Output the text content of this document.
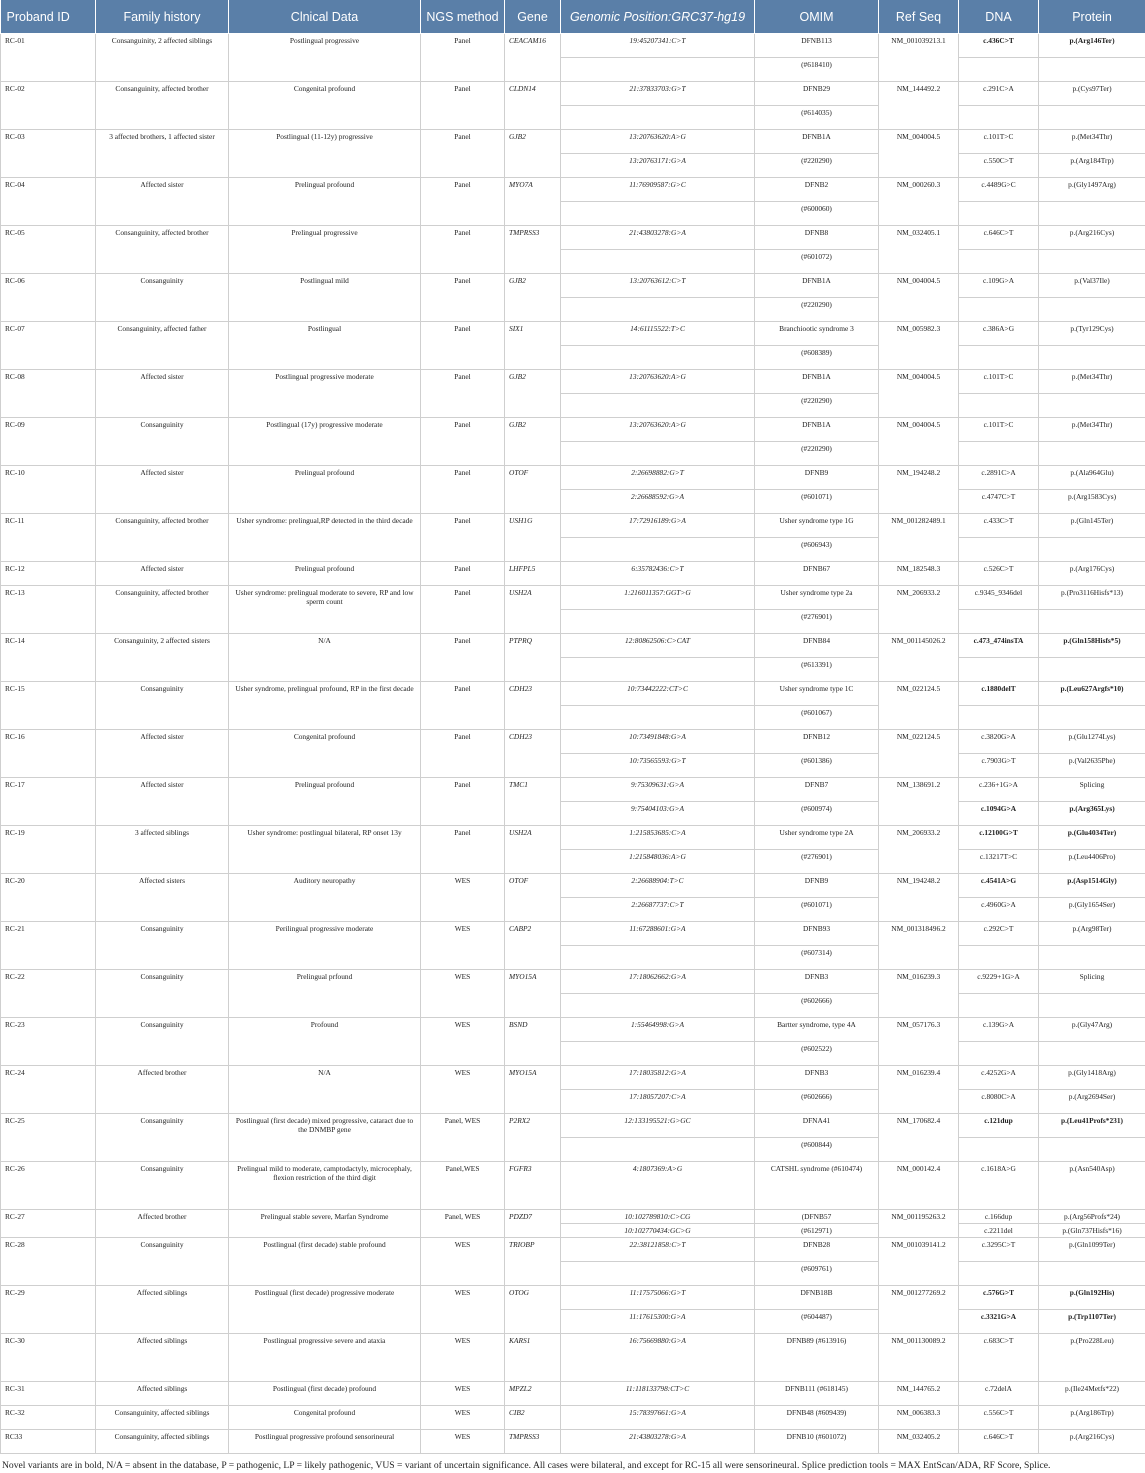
Proband ID	Family history	Clnical Data	NGS method	Gene	Genomic Position:GRC37-hg19	OMIM	Ref Seq	DNA	Protein
RC-01	Consanguinity, 2 affected siblings	Postlingual progressive	Panel	CEACAM16	19:45207341:C>T	DFNB113	NM_001039213.1	c.436C>T	p.(Arg146Ter)
						(#618410)			
RC-02	Consanguinity, affected brother	Congenital profound	Panel	CLDN14	21:37833703:G>T	DFNB29	NM_144492.2	c.291C>A	p.(Cys97Ter)
						(#614035)			
RC-03	3 affected brothers, 1 affected sister	Postlingual (11-12y) progressive	Panel	GJB2	13:20763620:A>G	DFNB1A	NM_004004.5	c.101T>C	p.(Met34Thr)
					13:20763171:G>A	(#220290)		c.550C>T	p.(Arg184Trp)
RC-04	Affected sister	Prelingual profound	Panel	MYO7A	11:76909587:G>C	DFNB2	NM_000260.3	c.4489G>C	p.(Gly1497Arg)
						(#600060)			
RC-05	Consanguinity, affected brother	Prelingual progressive	Panel	TMPRSS3	21:43803278:G>A	DFNB8	NM_032405.1	c.646C>T	p.(Arg216Cys)
						(#601072)			
RC-06	Consanguinity	Postlingual mild	Panel	GJB2	13:20763612:C>T	DFNB1A	NM_004004.5	c.109G>A	p.(Val37Ile)
						(#220290)			
RC-07	Consanguinity, affected father	Postlingual	Panel	SIX1	14:61115522:T>C	Branchiootic syndrome 3	NM_005982.3	c.386A>G	p.(Tyr129Cys)
						(#608389)			
RC-08	Affected sister	Postlingual progressive moderate	Panel	GJB2	13:20763620:A>G	DFNB1A	NM_004004.5	c.101T>C	p.(Met34Thr)
						(#220290)			
RC-09	Consanguinity	Postlingual (17y) progressive moderate	Panel	GJB2	13:20763620:A>G	DFNB1A	NM_004004.5	c.101T>C	p.(Met34Thr)
						(#220290)			
RC-10	Affected sister	Prelingual profound	Panel	OTOF	2:26698882:G>T	DFNB9	NM_194248.2	c.2891C>A	p.(Ala964Glu)
					2:26688592:G>A	(#601071)		c.4747C>T	p.(Arg1583Cys)
RC-11	Consanguinity, affected brother	Usher syndrome: prelingual,RP detected in the third decade	Panel	USH1G	17:72916189:G>A	Usher syndrome type 1G	NM_001282489.1	c.433C>T	p.(Gln145Ter)
						(#606943)			
RC-12	Affected sister	Prelingual profound	Panel	LHFPL5	6:35782436:C>T	DFNB67	NM_182548.3	c.526C>T	p.(Arg176Cys)
RC-13	Consanguinity, affected brother	Usher syndrome: prelingual moderate to severe, RP and low sperm count	Panel	USH2A	1:216011357:GGT>G	Usher syndrome type 2a	NM_206933.2	c.9345_9346del	p.(Pro3116Hisfs*13)
						(#276901)			
RC-14	Consanguinity, 2 affected sisters	N/A	Panel	PTPRQ	12:80862506:C>CAT	DFNB84	NM_001145026.2	c.473_474insTA	p.(Gln158Hisfs*5)
						(#613391)			
RC-15	Consanguinity	Usher syndrome, prelingual profound, RP in the first decade	Panel	CDH23	10:73442222:CT>C	Usher syndrome type 1C	NM_022124.5	c.1880delT	p.(Leu627Argfs*10)
						(#601067)			
RC-16	Affected sister	Congenital profound	Panel	CDH23	10:73491848:G>A	DFNB12	NM_022124.5	c.3820G>A	p.(Glu1274Lys)
					10:73565593:G>T	(#601386)		c.7903G>T	p.(Val2635Phe)
RC-17	Affected sister	Prelingual profound	Panel	TMC1	9:75309631:G>A	DFNB7	NM_138691.2	c.236+1G>A	Splicing
					9:75404103:G>A	(#600974)		c.1094G>A	p.(Arg365Lys)
RC-19	3 affected siblings	Usher syndrome: postlingual bilateral, RP onset 13y	Panel	USH2A	1:215853685:C>A	Usher syndrome type 2A	NM_206933.2	c.12100G>T	p.(Glu4034Ter)
					1:215848036:A>G	(#276901)		c.13217T>C	p.(Leu4406Pro)
RC-20	Affected sisters	Auditory neuropathy	WES	OTOF	2:26688904:T>C	DFNB9	NM_194248.2	c.4541A>G	p.(Asp1514Gly)
					2:26687737:C>T	(#601071)		c.4960G>A	p.(Gly1654Ser)
RC-21	Consanguinity	Perilingual progressive moderate	WES	CABP2	11:67288601:G>A	DFNB93	NM_001318496.2	c.292C>T	p.(Arg98Ter)
						(#607314)			
RC-22	Consanguinity	Prelingual prfound	WES	MYO15A	17:18062662:G>A	DFNB3	NM_016239.3	c.9229+1G>A	Splicing
						(#602666)			
RC-23	Consanguinity	Profound	WES	BSND	1:55464998:G>A	Bartter syndrome, type 4A	NM_057176.3	c.139G>A	p.(Gly47Arg)
						(#602522)			
RC-24	Affected brother	N/A	WES	MYO15A	17:18035812:G>A	DFNB3	NM_016239.4	c.4252G>A	p.(Gly1418Arg)
					17:18057207:C>A	(#602666)		c.8080C>A	p.(Arg2694Ser)
RC-25	Consanguinity	Postlingual (first decade) mixed progressive, cataract due to the DNMBP gene	Panel, WES	P2RX2	12:133195521:G>GC	DFNA41	NM_170682.4	c.121dup	p.(Leu41Profs*231)
						(#600844)			
RC-26	Consanguinity	Prelingual mild to moderate, camptodactyly, microcephaly, flexion restriction of the third digit	Panel,WES	FGFR3	4:1807369:A>G	CATSHL syndrome (#610474)	NM_000142.4	c.1618A>G	p.(Asn540Asp)
RC-27	Affected brother	Prelingual stable severe, Marfan Syndrome	Panel, WES	PDZD7	10:102789810:C>CG	(DFNB57	NM_001195263.2	c.166dup	p.(Arg56Profs*24)
					10:102770434:GC>G	(#612971)		c.2211del	p.(Gln737Hisfs*16)
RC-28	Consanguinity	Postlingual (first decade) stable profound	WES	TRIOBP	22:38121858:C>T	DFNB28	NM_001039141.2	c.3295C>T	p.(Gln1099Ter)
						(#609761)			
RC-29	Affected siblings	Postlingual (first decade) progressive moderate	WES	OTOG	11:17575066:G>T	DFNB18B	NM_001277269.2	c.576G>T	p.(Gln192His)
					11:17615300:G>A	(#604487)		c.3321G>A	p.(Trp1107Ter)
RC-30	Affected siblings	Postlingual progressive severe and ataxia	WES	KARS1	16:75669880:G>A	DFNB89 (#613916)	NM_001130089.2	c.683C>T	p.(Pro228Leu)
RC-31	Affected siblings	Postlingual (first decade) profound	WES	MPZL2	11:118133798:CT>C	DFNB111 (#618145)	NM_144765.2	c.72delA	p.(Ile24Metfs*22)
RC-32	Consanguinity, affected siblings	Congenital profound	WES	CIB2	15:78397661:G>A	DFNB48 (#609439)	NM_006383.3	c.556C>T	p.(Arg186Trp)
RC33	Consanguinity, affected siblings	Postlingual progressive profound sensorineural	WES	TMPRSS3	21:43803278:G>A	DFNB10 (#601072)	NM_032405.2	c.646C>T	p.(Arg216Cys)
Novel variants are in bold, N/A = absent in the database, P = pathogenic, LP = likely pathogenic, VUS = variant of uncertain significance. All cases were bilateral, and except for RC-15 all were sensorineural. Splice prediction tools = MAX EntScan/ADA, RF Score, Splice.
